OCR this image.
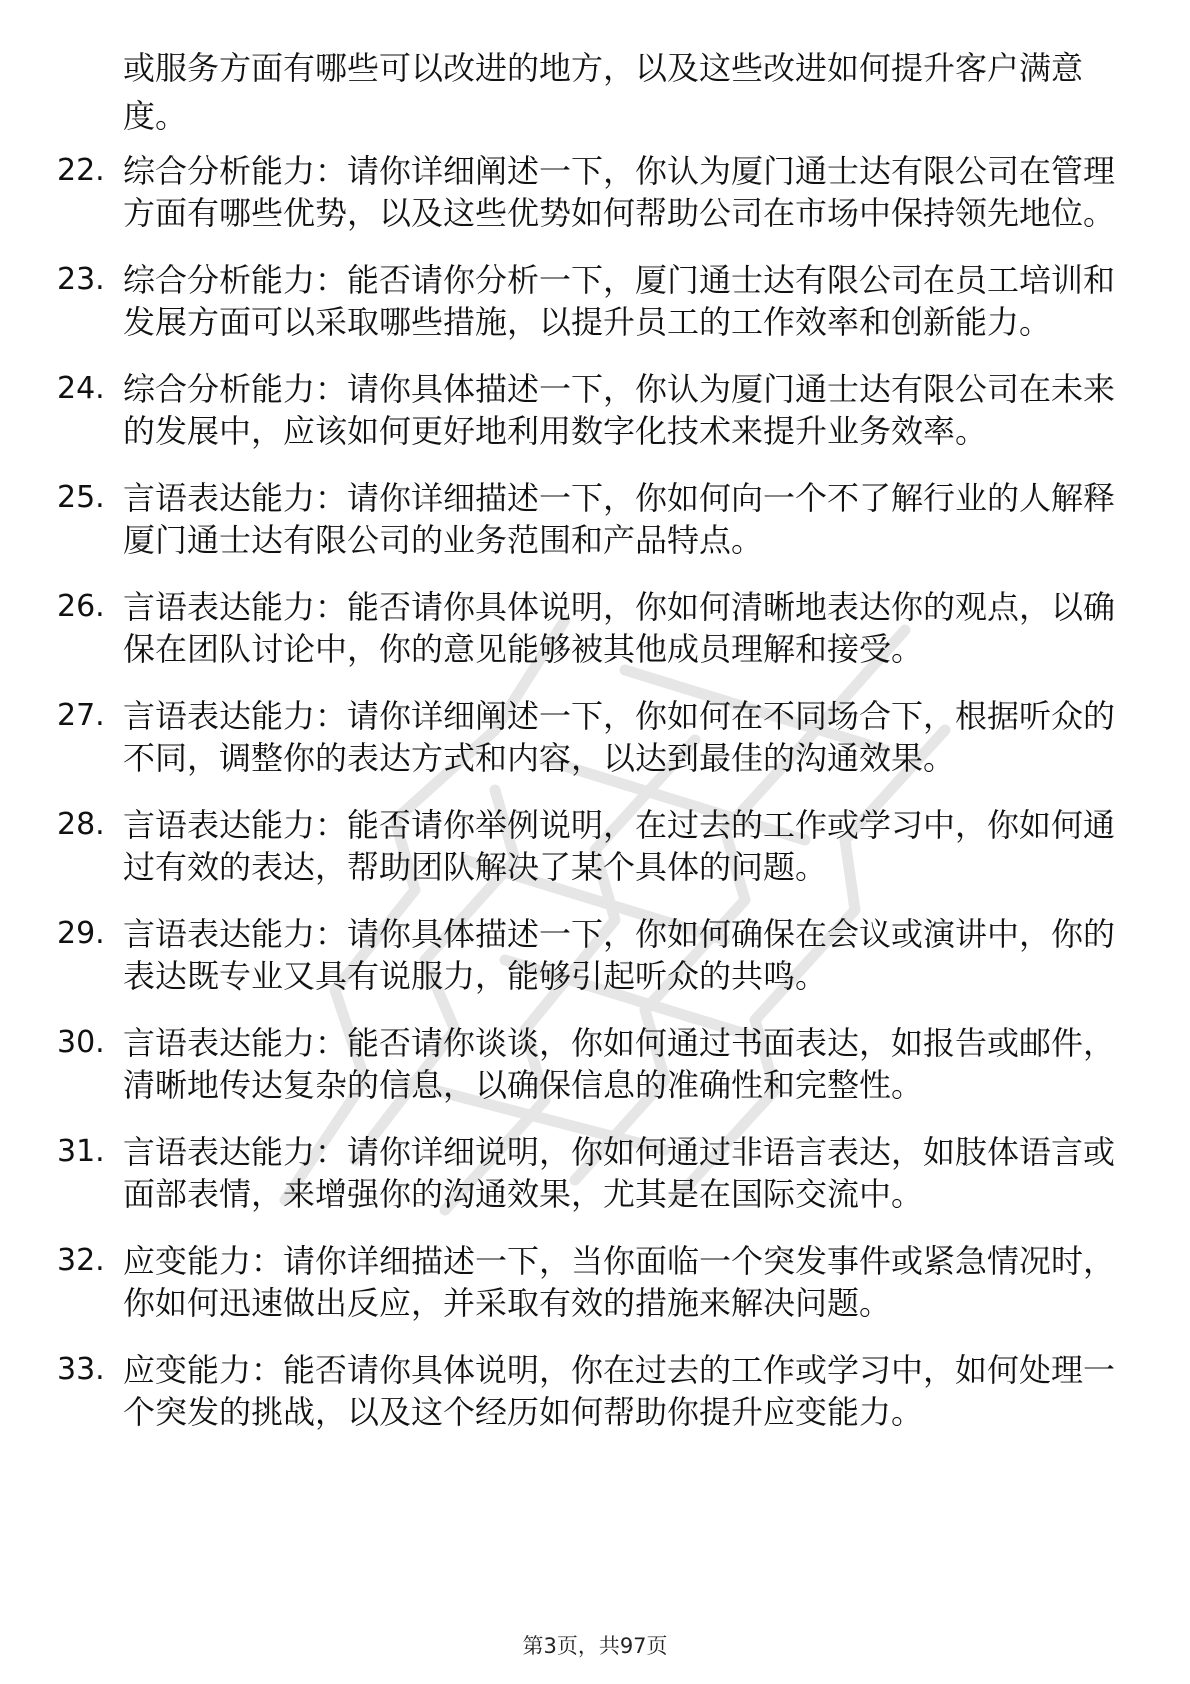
或服务方面有哪些可以改进的地方，以及这些改进如何提升客户满意度。

22. 综合分析能力：请你详细阐述一下，你认为厦门通士达有限公司在管理方面有哪些优势，以及这些优势如何帮助公司在市场中保持领先地位。
23. 综合分析能力：能否请你分析一下，厦门通士达有限公司在员工培训和发展方面可以采取哪些措施，以提升员工的工作效率和创新能力。
24. 综合分析能力：请你具体描述一下，你认为厦门通士达有限公司在未来的发展中，应该如何更好地利用数字化技术来提升业务效率。
25. 言语表达能力：请你详细描述一下，你如何向一个不了解行业的人解释厦门通士达有限公司的业务范围和产品特点。
26. 言语表达能力：能否请你具体说明，你如何清晰地表达你的观点，以确保在团队讨论中，你的意见能够被其他成员理解和接受。
27. 言语表达能力：请你详细阐述一下，你如何在不同场合下，根据听众的不同，调整你的表达方式和内容，以达到最佳的沟通效果。
28. 言语表达能力：能否请你举例说明，在过去的工作或学习中，你如何通过有效的表达，帮助团队解决了某个具体的问题。
29. 言语表达能力：请你具体描述一下，你如何确保在会议或演讲中，你的表达既专业又具有说服力，能够引起听众的共鸣。
30. 言语表达能力：能否请你谈谈，你如何通过书面表达，如报告或邮件，清晰地传达复杂的信息，以确保信息的准确性和完整性。
31. 言语表达能力：请你详细说明，你如何通过非语言表达，如肢体语言或面部表情，来增强你的沟通效果，尤其是在国际交流中。
32. 应变能力：请你详细描述一下，当你面临一个突发事件或紧急情况时，你如何迅速做出反应，并采取有效的措施来解决问题。
33. 应变能力：能否请你具体说明，你在过去的工作或学习中，如何处理一个突发的挑战，以及这个经历如何帮助你提升应变能力。
第3页，共97页
